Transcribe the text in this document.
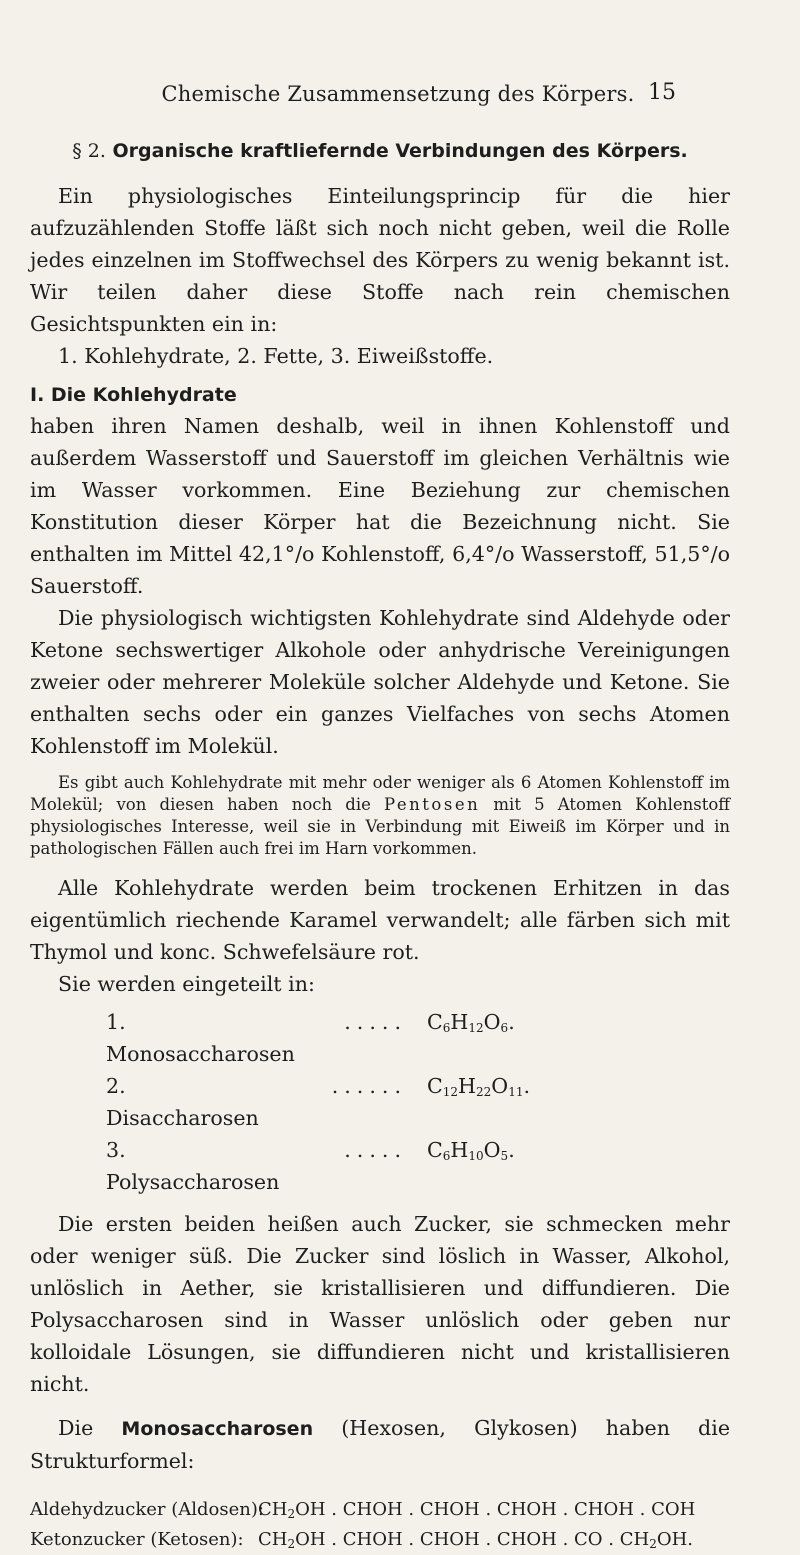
Chemische Zusammensetzung des Körpers. 15
§ 2. Organische kraftliefernde Verbindungen des Körpers.

Ein physiologisches Einteilungsprincip für die hier aufzuzählenden Stoffe läßt sich noch nicht geben, weil die Rolle jedes einzelnen im Stoffwechsel des Körpers zu wenig bekannt ist. Wir teilen daher diese Stoffe nach rein chemischen Gesichtspunkten ein in:

1. Kohlehydrate, 2. Fette, 3. Eiweißstoffe.

I. Die Kohlehydrate

haben ihren Namen deshalb, weil in ihnen Kohlenstoff und außerdem Wasserstoff und Sauerstoff im gleichen Verhältnis wie im Wasser vorkommen. Eine Beziehung zur chemischen Konstitution dieser Körper hat die Bezeichnung nicht. Sie enthalten im Mittel 42,1°/o Kohlenstoff, 6,4°/o Wasserstoff, 51,5°/o Sauerstoff.

Die physiologisch wichtigsten Kohlehydrate sind Aldehyde oder Ketone sechswertiger Alkohole oder anhydrische Vereinigungen zweier oder mehrerer Moleküle solcher Aldehyde und Ketone. Sie enthalten sechs oder ein ganzes Vielfaches von sechs Atomen Kohlenstoff im Molekül.

Es gibt auch Kohlehydrate mit mehr oder weniger als 6 Atomen Kohlenstoff im Molekül; von diesen haben noch die Pentosen mit 5 Atomen Kohlenstoff physiologisches Interesse, weil sie in Verbindung mit Eiweiß im Körper und in pathologischen Fällen auch frei im Harn vorkommen.

Alle Kohlehydrate werden beim trockenen Erhitzen in das eigentümlich riechende Karamel verwandelt; alle färben sich mit Thymol und konc. Schwefelsäure rot.

Sie werden eingeteilt in:

1. Monosaccharosen
..... $C_6H_{12}O_6$.
2. Disaccharosen
...... $C_{12}H_{22}O_{11}$.
3. Polysaccharosen
..... $C_6H_{10}O_5$.

Die ersten beiden heißen auch Zucker, sie schmecken mehr oder weniger süß. Die Zucker sind löslich in Wasser, Alkohol, unlöslich in Aether, sie kristallisieren und diffundieren. Die Polysaccharosen sind in Wasser unlöslich oder geben nur kolloidale Lösungen, sie diffundieren nicht und kristallisieren nicht.

Die Monosaccharosen (Hexosen, Glykosen) haben die Strukturformel:

Aldehydzucker (Aldosen):
$CH_2OH$ . CHOH . CHOH . CHOH . CHOH . COH
Ketonzucker (Ketosen): $CH_2OH$ . CHOH . CHOH . CHOH . CO . $CH_2OH$.
